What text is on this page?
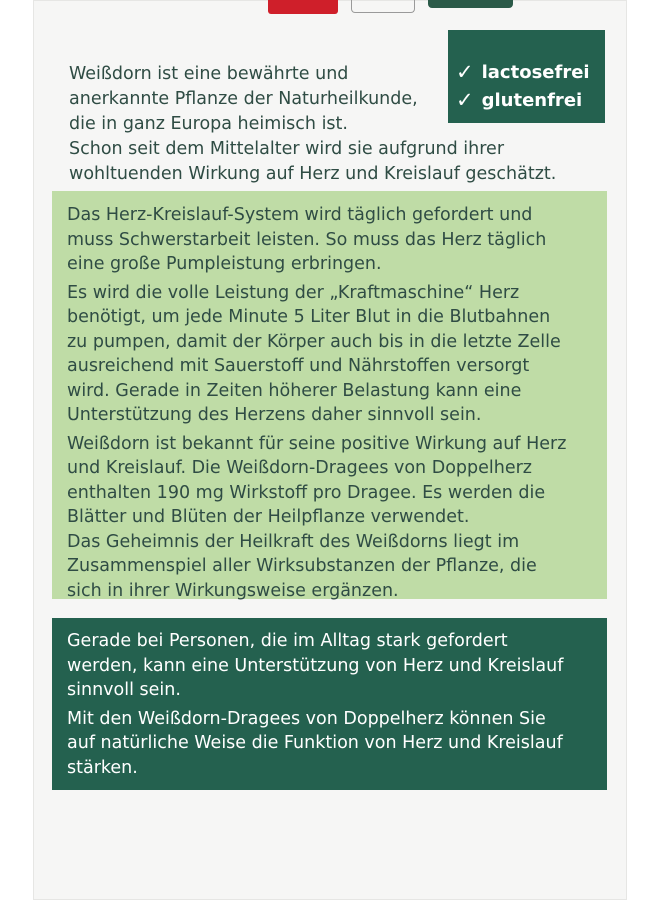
Weißdorn ist eine bewährte und
anerkannte Pflanze der Naturheilkunde,
die in ganz Europa heimisch ist.
Schon seit dem Mittelalter wird sie aufgrund ihrer
wohltuenden Wirkung auf Herz und Kreislauf geschätzt.

✓ lactosefrei
✓ glutenfrei

Das Herz-Kreislauf-System wird täglich gefordert und
muss Schwerstarbeit leisten. So muss das Herz täglich
eine große Pumpleistung erbringen.

Es wird die volle Leistung der „Kraftmaschine“ Herz
benötigt, um jede Minute 5 Liter Blut in die Blutbahnen
zu pumpen, damit der Körper auch bis in die letzte Zelle
ausreichend mit Sauerstoff und Nährstoffen versorgt
wird. Gerade in Zeiten höherer Belastung kann eine
Unterstützung des Herzens daher sinnvoll sein.

Weißdorn ist bekannt für seine positive Wirkung auf Herz
und Kreislauf. Die Weißdorn-Dragees von Doppelherz
enthalten 190 mg Wirkstoff pro Dragee. Es werden die
Blätter und Blüten der Heilpflanze verwendet.
Das Geheimnis der Heilkraft des Weißdorns liegt im
Zusammenspiel aller Wirksubstanzen der Pflanze, die
sich in ihrer Wirkungsweise ergänzen.

Gerade bei Personen, die im Alltag stark gefordert
werden, kann eine Unterstützung von Herz und Kreislauf
sinnvoll sein.

Mit den Weißdorn-Dragees von Doppelherz können Sie
auf natürliche Weise die Funktion von Herz und Kreislauf
stärken.
